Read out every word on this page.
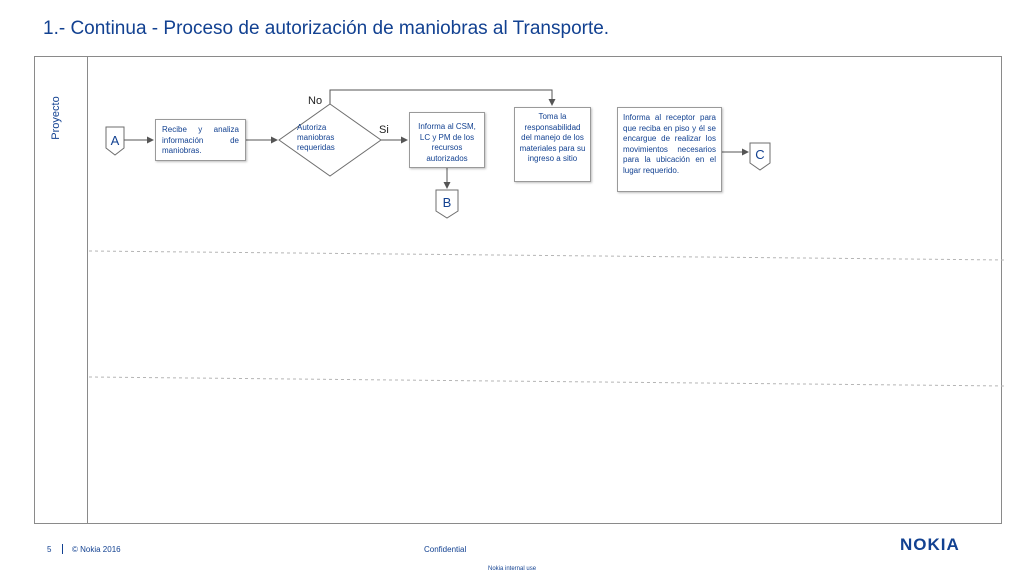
1.- Continua - Proceso de autorización de maniobras al Transporte.
Proyecto
A
B
C
Recibe y analiza información de maniobras.
Autoriza maniobras requeridas
Informa al CSM, LC y PM de los recursos autorizados
Toma la responsabilidad del manejo de los materiales para su ingreso a sitio
Informa al receptor para que reciba en piso y él se encargue de realizar los movimientos necesarios para la ubicación en el lugar requerido.
No
Si
5	© Nokia 2016	Confidential
Nokia internal use
NOKIA
